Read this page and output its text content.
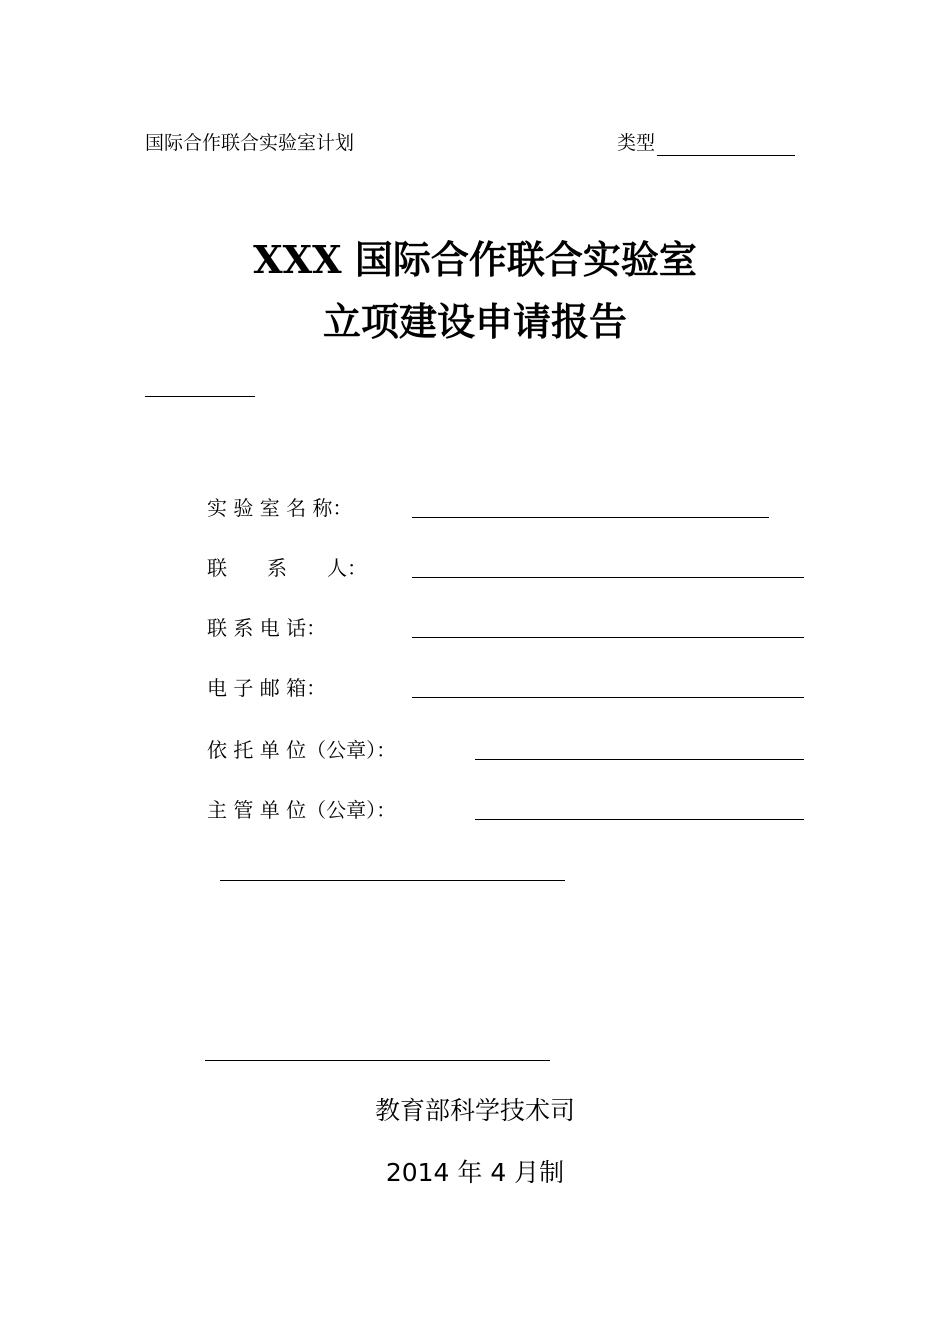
国际合作联合实验室计划	类型
XXX 国际合作联合实验室
立项建设申请报告
实 验 室 名 称：
联　　系　　人：
联 系 电 话：
电 子 邮 箱：
依 托 单 位（公章）：
主 管 单 位（公章）：
教育部科学技术司
2014 年 4 月制
